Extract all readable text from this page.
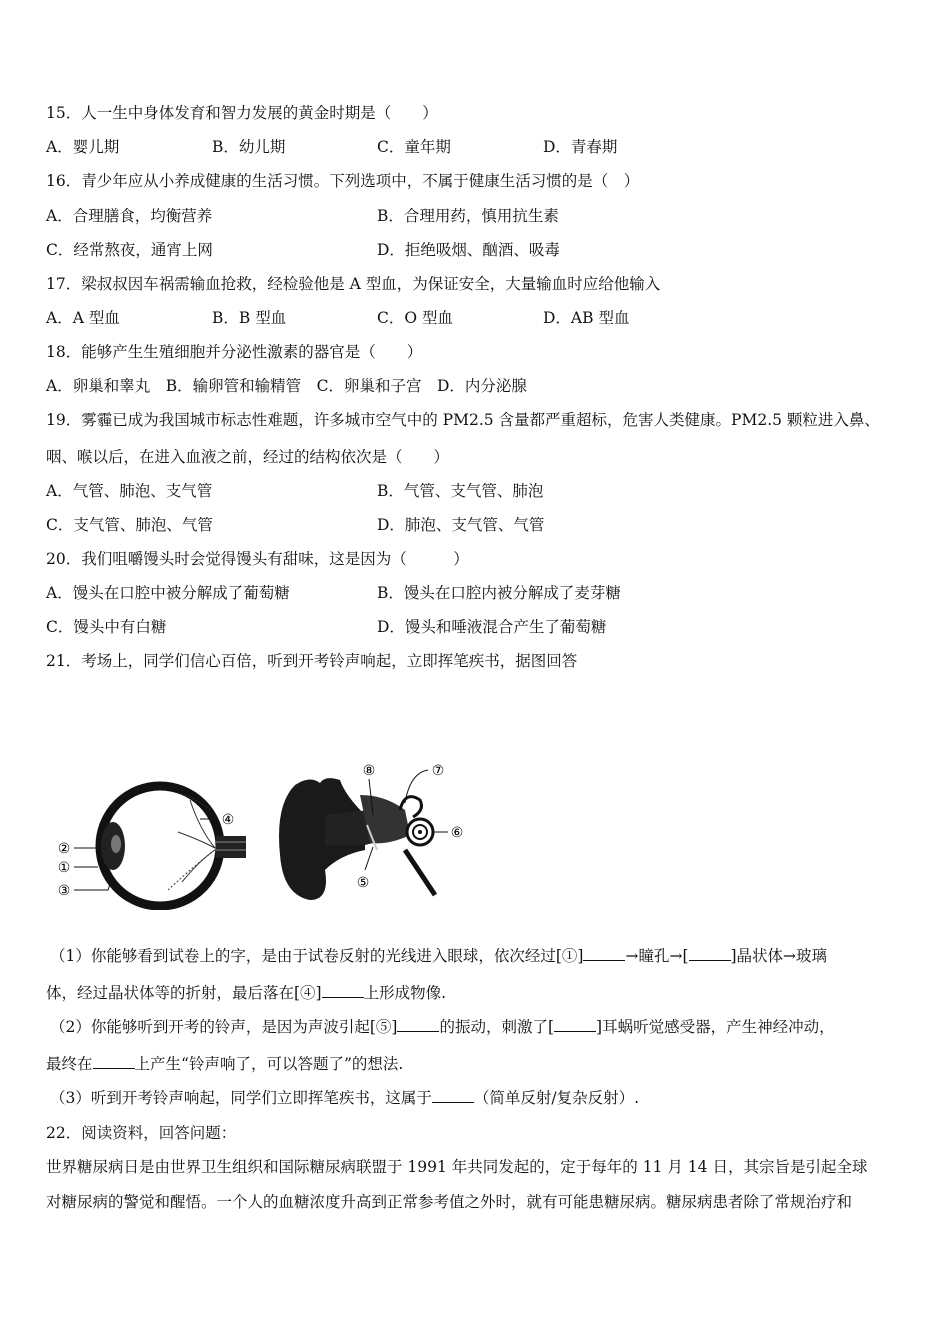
15．人一生中身体发育和智力发展的黄金时期是（　　）
A．婴儿期	B．幼儿期	C．童年期	D．青春期
16．青少年应从小养成健康的生活习惯。下列选项中，不属于健康生活习惯的是（　）
A．合理膳食，均衡营养	B．合理用药，慎用抗生素
C．经常熬夜，通宵上网	D．拒绝吸烟、酗酒、吸毒
17．梁叔叔因车祸需输血抢救，经检验他是 A 型血，为保证安全，大量输血时应给他输入
A．A 型血	B．B 型血	C．O 型血	D．AB 型血
18．能够产生生殖细胞并分泌性激素的器官是（　　）
A．卵巢和睾丸　B．输卵管和输精管　C．卵巢和子宫　D．内分泌腺
19．雾霾已成为我国城市标志性难题，许多城市空气中的 PM2.5 含量都严重超标，危害人类健康。PM2.5 颗粒进入鼻、
咽、喉以后，在进入血液之前，经过的结构依次是（　　）
A．气管、肺泡、支气管	B．气管、支气管、肺泡
C．支气管、肺泡、气管	D．肺泡、支气管、气管
20．我们咀嚼馒头时会觉得馒头有甜味，这是因为（　　　）
A．馒头在口腔中被分解成了葡萄糖	B．馒头在口腔内被分解成了麦芽糖
C．馒头中有白糖	D．馒头和唾液混合产生了葡萄糖
21．考场上，同学们信心百倍，听到开考铃声响起，立即挥笔疾书，据图回答
②
①
③
④
⑧	⑦
⑥
⑤
（1）你能够看到试卷上的字，是由于试卷反射的光线进入眼球，依次经过[①]	→瞳孔→[	]晶状体→玻璃
体，经过晶状体等的折射，最后落在[④]	上形成物像.
（2）你能够听到开考的铃声，是因为声波引起[⑤]	的振动，刺激了[	]耳蜗听觉感受器，产生神经冲动，
最终在	上产生“铃声响了，可以答题了”的想法.
（3）听到开考铃声响起，同学们立即挥笔疾书，这属于	（简单反射/复杂反射）.
22．阅读资料，回答问题：
世界糖尿病日是由世界卫生组织和国际糖尿病联盟于 1991 年共同发起的，定于每年的 11 月 14 日，其宗旨是引起全球
对糖尿病的警觉和醒悟。一个人的血糖浓度升高到正常参考值之外时，就有可能患糖尿病。糖尿病患者除了常规治疗和
